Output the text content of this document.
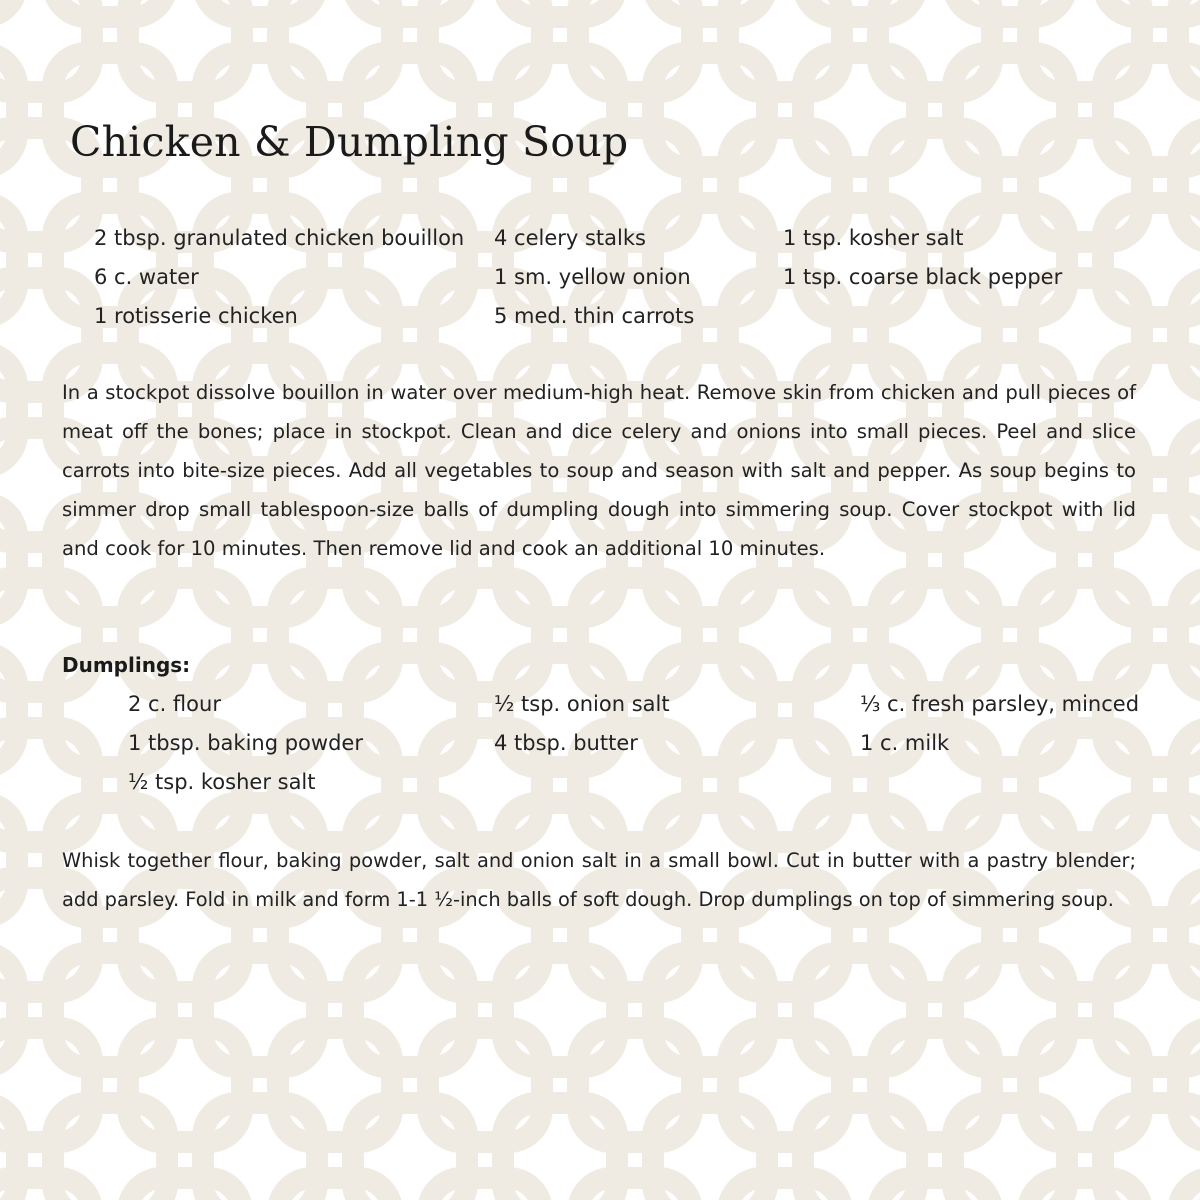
Chicken & Dumpling Soup
2 tbsp. granulated chicken bouillon
6 c. water
1 rotisserie chicken
4 celery stalks
1 sm. yellow onion
5 med. thin carrots
1 tsp. kosher salt
1 tsp. coarse black pepper

In a stockpot dissolve bouillon in water over medium-high heat. Remove skin from chicken and pull pieces of meat off the bones; place in stockpot. Clean and dice celery and onions into small pieces. Peel and slice carrots into bite-size pieces. Add all vegetables to soup and season with salt and pepper. As soup begins to simmer drop small tablespoon-size balls of dumpling dough into simmering soup. Cover stockpot with lid and cook for 10 minutes. Then remove lid and cook an additional 10 minutes.

Dumplings:
2 c. flour
1 tbsp. baking powder
½ tsp. kosher salt
½ tsp. onion salt
4 tbsp. butter
⅓ c. fresh parsley, minced
1 c. milk

Whisk together flour, baking powder, salt and onion salt in a small bowl. Cut in butter with a pastry blender; add parsley. Fold in milk and form 1-1 ½-inch balls of soft dough. Drop dumplings on top of simmering soup.
